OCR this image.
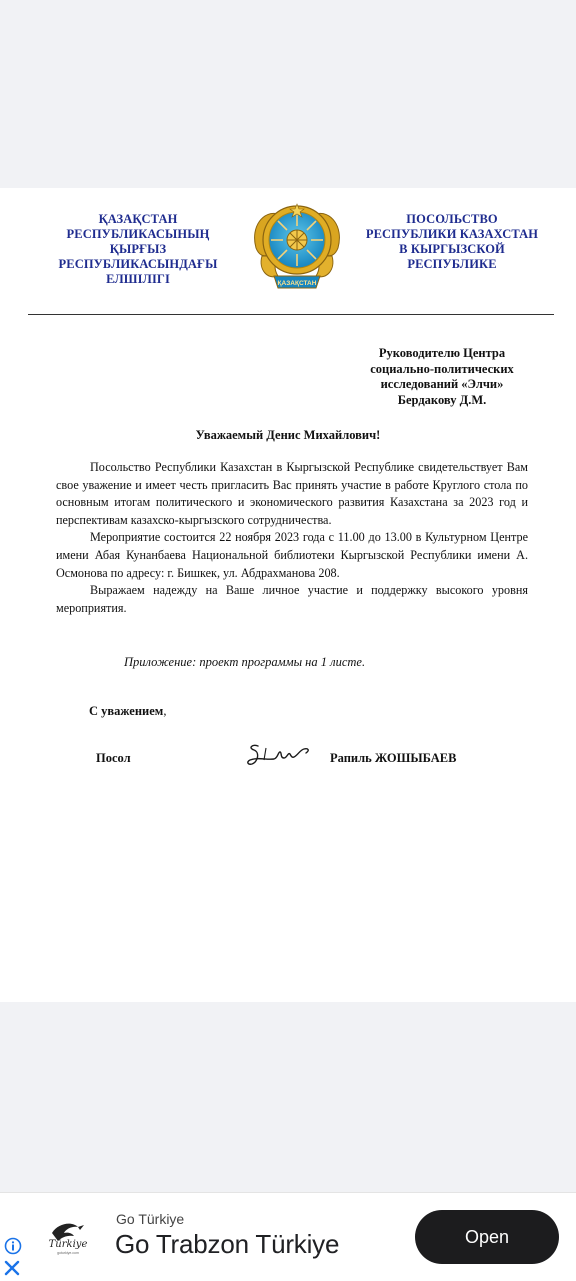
ҚАЗАҚСТАН
РЕСПУБЛИКАСЫНЫҢ
ҚЫРҒЫЗ
РЕСПУБЛИКАСЫНДАҒЫ
ЕЛШІЛІГІ	ҚАЗАҚСТАН
ПОСОЛЬСТВО
РЕСПУБЛИКИ КАЗАХСТАН
В КЫРГЫЗСКОЙ
РЕСПУБЛИКЕ
Руководителю Центра
социально-политических
исследований «Элчи»
Бердакову Д.М.
Уважаемый Денис Михайлович!

Посольство Республики Казахстан в Кыргызской Республике свидетельствует Вам свое уважение и имеет честь пригласить Вас принять участие в работе Круглого стола по основным итогам политического и экономического развития Казахстана за 2023 год и перспективам казахско-кыргызского сотрудничества.

Мероприятие состоится 22 ноября 2023 года с 11.00 до 13.00 в Культурном Центре имени Абая Кунанбаева Национальной библиотеки Кыргызской Республики имени А. Осмонова по адресу: г. Бишкек, ул. Абдрахманова 208.

Выражаем надежду на Ваше личное участие и поддержку высокого уровня мероприятия.

Приложение: проект программы на 1 листе.
С уважением,
Посол	Рапиль ЖОШЫБАЕВ
Türkiye
goturkiye.com
Go Türkiye
Go Trabzon Türkiye	Open
